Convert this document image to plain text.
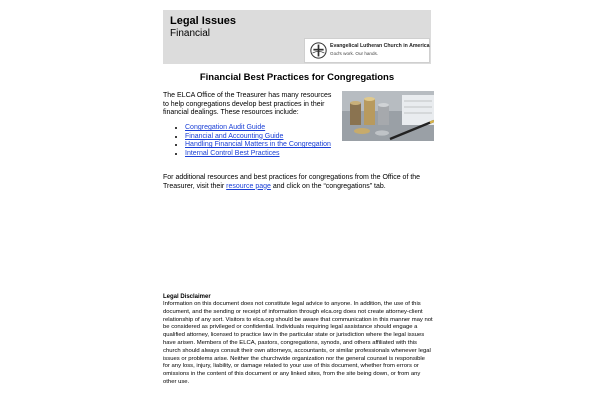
Legal Issues
Financial
Evangelical Lutheran Church in America
God's work. Our hands.
Financial Best Practices for Congregations

The ELCA Office of the Treasurer has many resources to help congregations develop best practices in their financial dealings. These resources include:

• Congregation Audit Guide
• Financial and Accounting Guide
• Handling Financial Matters in the Congregation
• Internal Control Best Practices

For additional resources and best practices for congregations from the Office of the Treasurer, visit their resource page and click on the “congregations” tab.

Legal Disclaimer

Information on this document does not constitute legal advice to anyone. In addition, the use of this document, and the sending or receipt of information through elca.org does not create attorney-client relationship of any sort. Visitors to elca.org should be aware that communication in this manner may not be considered as privileged or confidential. Individuals requiring legal assistance should engage a qualified attorney, licensed to practice law in the particular state or jurisdiction where the legal issues have arisen. Members of the ELCA, pastors, congregations, synods, and others affiliated with this church should always consult their own attorneys, accountants, or similar professionals whenever legal issues or problems arise. Neither the churchwide organization nor the general counsel is responsible for any loss, injury, liability, or damage related to your use of this document, whether from errors or omissions in the content of this document or any linked sites, from the site being down, or from any other use.
